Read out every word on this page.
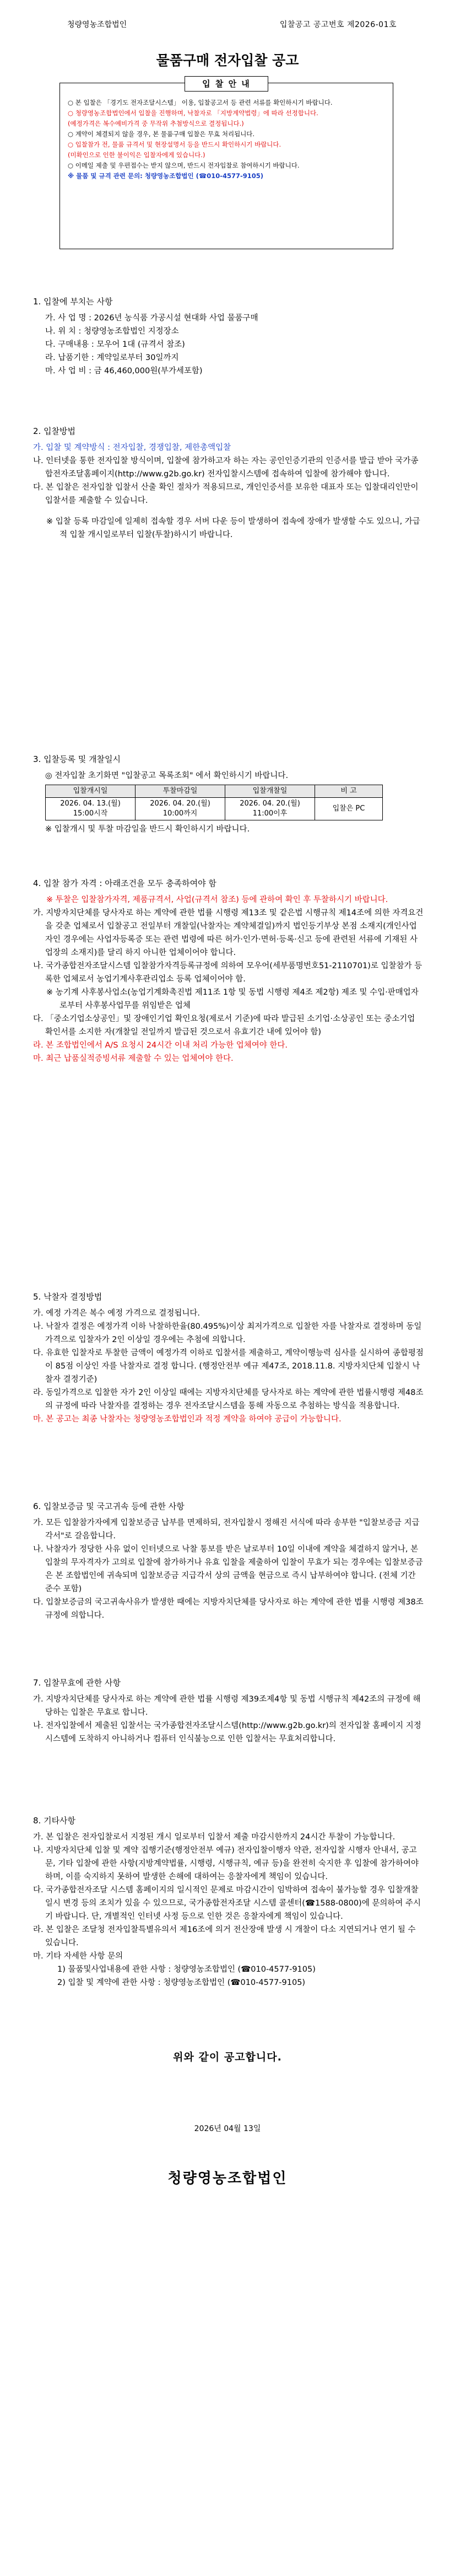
청량영농조합법인	입찰공고 공고번호 제2026-01호
물품구매 전자입찰 공고
입 찰 안 내
○ 본 입찰은 「경기도 전자조달시스템」 이용, 입찰공고서 등 관련 서류를 확인하시기 바랍니다.
○ 청량영농조합법인에서 입찰을 진행하며, 낙찰자로 「지방계약법령」에 따라 선정합니다.
(예정가격은 복수예비가격 중 무작위 추첨방식으로 결정됩니다.)
○ 계약이 체결되지 않을 경우, 본 물품구매 입찰은 무효 처리됩니다.
○ 입찰참가 전, 물품 규격서 및 현장설명서 등을 반드시 확인하시기 바랍니다.
(미확인으로 인한 불이익은 입찰자에게 있습니다.)
○ 이메일 제출 및 우편접수는 받지 않으며, 반드시 전자입찰로 참여하시기 바랍니다.
※ 물품 및 규격 관련 문의: 청량영농조합법인 (☎010-4577-9105)
1. 입찰에 부치는 사항

가. 사 업 명 : 2026년 농식품 가공시설 현대화 사업 물품구매

나. 위 치 : 청량영농조합법인 지정장소

다. 구매내용 : 모우어 1대 (규격서 참조)

라. 납품기한 : 계약일로부터 30일까지

마. 사 업 비 : 금 46,460,000원(부가세포함)

2. 입찰방법

가. 입찰 및 계약방식 : 전자입찰, 경쟁입찰, 제한총액입찰

나. 인터넷을 통한 전자입찰 방식이며, 입찰에 참가하고자 하는 자는 공인인증기관의 인증서를 발급 받아 국가종합전자조달홈페이지(http://www.g2b.go.kr) 전자입찰시스템에 접속하여 입찰에 참가해야 합니다.

다. 본 입찰은 전자입찰 입찰서 산출 확인 절차가 적용되므로, 개인인증서를 보유한 대표자 또는 입찰대리인만이 입찰서를 제출할 수 있습니다.

※ 입찰 등록 마감일에 일제히 접속할 경우 서버 다운 등이 발생하여 접속에 장애가 발생할 수도 있으니, 가급적 입찰 개시일로부터 입찰(투찰)하시기 바랍니다.

3. 입찰등록 및 개찰일시

◎ 전자입찰 초기화면 "입찰공고 목록조회" 에서 확인하시기 바랍니다.

입찰개시일	투찰마감일	입찰개찰일	비 고
2026. 04. 13.(월) 15:00시작	2026. 04. 20.(월) 10:00까지	2026. 04. 20.(월) 11:00이후	입찰은 PC

※ 입찰개시 및 투찰 마감일을 반드시 확인하시기 바랍니다.

4. 입찰 참가 자격 : 아래조건을 모두 충족하여야 함

※ 투찰은 입찰참가자격, 제품규격서, 사업(규격서 참조) 등에 관하여 확인 후 투찰하시기 바랍니다.

가. 지방자치단체를 당사자로 하는 계약에 관한 법률 시행령 제13조 및 같은법 시행규칙 제14조에 의한 자격요건을 갖춘 업체로서 입찰공고 전일부터 개찰일(낙찰자는 계약체결일)까지 법인등기부상 본점 소재지(개인사업자인 경우에는 사업자등록증 또는 관련 법령에 따른 허가·인가·면허·등록·신고 등에 관련된 서류에 기재된 사업장의 소재지)를 달리 하지 아니한 업체이어야 합니다.

나. 국가종합전자조달시스템 입찰참가자격등록규정에 의하여 모우어(세부품명번호51-2110701)로 입찰참가 등록한 업체로서 농업기계사후관리업소 등록 업체이어야 함.

※ 농기계 사후봉사업소(농업기계화촉진법 제11조 1항 및 동법 시행령 제4조 제2항) 제조 및 수입·판매업자로부터 사후봉사업무를 위임받은 업체

다. 「중소기업소상공인」및 장애인기업 확인요청(제로서 기준)에 따라 발급된 소기업·소상공인 또는 중소기업 확인서를 소지한 자(개찰일 전일까지 발급된 것으로서 유효기간 내에 있어야 함)

라. 본 조합법인에서 A/S 요청시 24시간 이내 처리 가능한 업체여야 한다.

마. 최근 납품실적증빙서류 제출할 수 있는 업체여야 한다.

5. 낙찰자 결정방법

가. 예정 가격은 복수 예정 가격으로 결정됩니다.

나. 낙찰자 결정은 예정가격 이하 낙찰하한율(80.495%)이상 최저가격으로 입찰한 자를 낙찰자로 결정하며 동일가격으로 입찰자가 2인 이상일 경우에는 추첨에 의합니다.

다. 유효한 입찰자로 투찰한 금액이 예정가격 이하로 입찰서를 제출하고, 계약이행능력 심사를 실시하여 종합평점이 85점 이상인 자를 낙찰자로 결정 합니다. (행정안전부 예규 제47조, 2018.11.8. 지방자치단체 입찰시 낙찰자 결정기준)

라. 동일가격으로 입찰한 자가 2인 이상일 때에는 지방자치단체를 당사자로 하는 계약에 관한 법률시행령 제48조의 규정에 따라 낙찰자를 결정하는 경우 전자조달시스템을 통해 자동으로 추첨하는 방식을 적용합니다.

마. 본 공고는 최종 낙찰자는 청량영농조합법인과 적정 계약을 하여야 공급이 가능합니다.

6. 입찰보증금 및 국고귀속 등에 관한 사항

가. 모든 입찰참가자에게 입찰보증금 납부를 면제하되, 전자입찰시 정해진 서식에 따라 송부한 "입찰보증금 지급각서"로 갈음합니다.

나. 낙찰자가 정당한 사유 없이 인터넷으로 낙찰 통보를 받은 날로부터 10일 이내에 계약을 체결하지 않거나, 본 입찰의 무자격자가 고의로 입찰에 참가하거나 유효 입찰을 제출하여 입찰이 무효가 되는 경우에는 입찰보증금은 본 조합법인에 귀속되며 입찰보증금 지급각서 상의 금액을 현금으로 즉시 납부하여야 합니다. (전체 기간 준수 포함)

다. 입찰보증금의 국고귀속사유가 발생한 때에는 지방자치단체를 당사자로 하는 계약에 관한 법률 시행령 제38조 규정에 의합니다.

7. 입찰무효에 관한 사항

가. 지방자치단체를 당사자로 하는 계약에 관한 법률 시행령 제39조제4항 및 동법 시행규칙 제42조의 규정에 해당하는 입찰은 무효로 합니다.

나. 전자입찰에서 제출된 입찰서는 국가종합전자조달시스템(http://www.g2b.go.kr)의 전자입찰 홈페이지 지정시스템에 도착하지 아니하거나 컴퓨터 인식불능으로 인한 입찰서는 무효처리합니다.

8. 기타사항

가. 본 입찰은 전자입찰로서 지정된 개시 일로부터 입찰서 제출 마감시한까지 24시간 투찰이 가능합니다.

나. 지방자치단체 입찰 및 계약 집행기준(행정안전부 예규) 전자입찰이행자 약관, 전자입찰 시행자 안내서, 공고문, 기타 입찰에 관한 사항(지방계약법률, 시행령, 시행규칙, 예규 등)을 완전히 숙지한 후 입찰에 참가하여야 하며, 이를 숙지하지 못하여 발생한 손해에 대하여는 응찰자에게 책임이 있습니다.

다. 국가종합전자조달 시스템 홈페이지의 일시적인 문제로 마감시간이 임박하여 접속이 불가능할 경우 입찰개찰 일시 변경 등의 조치가 있을 수 있으므로, 국가종합전자조달 시스템 콜센터(☎1588-0800)에 문의하여 주시기 바랍니다. 단, 개별적인 인터넷 사정 등으로 인한 것은 응찰자에게 책임이 있습니다.

라. 본 입찰은 조달청 전자입찰특별유의서 제16조에 의거 전산장애 발생 시 개찰이 다소 지연되거나 연기 될 수 있습니다.

마. 기타 자세한 사항 문의

1) 물품및사업내용에 관한 사항 : 청량영농조합법인 (☎010-4577-9105)

2) 입찰 및 계약에 관한 사항 : 청량영농조합법인 (☎010-4577-9105)

위와 같이 공고합니다.
2026년 04월 13일
청량영농조합법인
